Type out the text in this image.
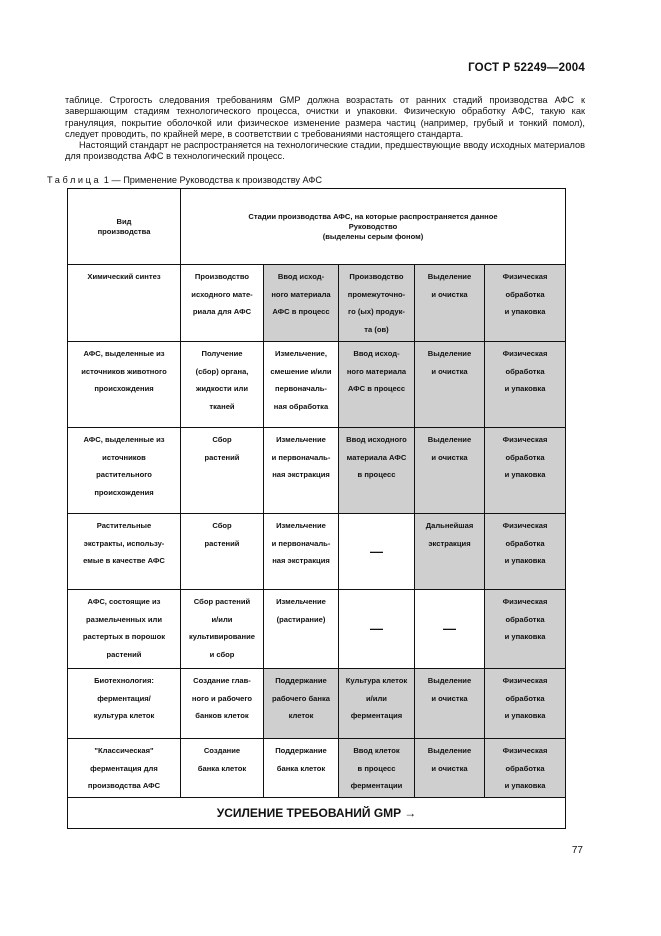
ГОСТ Р 52249—2004

таблице. Строгость следования требованиям GMP должна возрастать от ранних стадий производства АФС к завершающим стадиям технологического процесса, очистки и упаковки. Физическую обработку АФС, такую как грануляция, покрытие оболочкой или физическое изменение размера частиц (например, грубый и тонкий помол), следует проводить, по крайней мере, в соответствии с требованиями настоящего стандарта.

Настоящий стандарт не распространяется на технологические стадии, предшествующие вводу исходных материалов для производства АФС в технологический процесс.

Таблица 1 — Применение Руководства к производству АФС
Вид
производства	Стадии производства АФС, на которые распространяется данное
Руководство
(выделены серым фоном)				

Химический синтез	Производство
исходного мате-
риала для АФС	Ввод исход-
ного материала
АФС в процесс	Производство
промежуточно-
го (ых) продук-
та (ов)	Выделение
и очистка	Физическая
обработка
и упаковка

АФС, выделенные из
источников животного
происхождения	Получение
(сбор) органа,
жидкости или
тканей	Измельчение,
смешение и/или
первоначаль-
ная обработка	Ввод исход-
ного материала
АФС в процесс	Выделение
и очистка	Физическая
обработка
и упаковка

АФС, выделенные из
источников
растительного
происхождения	Сбор
растений	Измельчение
и первоначаль-
ная экстракция	Ввод исходного
материала АФС
в процесс	Выделение
и очистка	Физическая
обработка
и упаковка

Растительные
экстракты, использу-
емые в качестве АФС	Сбор
растений	Измельчение
и первоначаль-
ная экстракция	—	Дальнейшая
экстракция	Физическая
обработка
и упаковка

АФС, состоящие из
размельченных или
растертых в порошок
растений	Сбор растений
и/или
культивирование
и сбор	Измельчение
(растирание)	—	—	Физическая
обработка
и упаковка

Биотехнология:
ферментация/
культура клеток	Создание глав-
ного и рабочего
банков клеток	Поддержание
рабочего банка
клеток	Культура клеток
и/или
ферментация	Выделение
и очистка	Физическая
обработка
и упаковка

"Классическая"
ферментация для
производства АФС	Создание
банка клеток	Поддержание
банка клеток	Ввод клеток
в процесс
ферментации	Выделение
и очистка	Физическая
обработка
и упаковка

УСИЛЕНИЕ ТРЕБОВАНИЙ GMP →					
77
